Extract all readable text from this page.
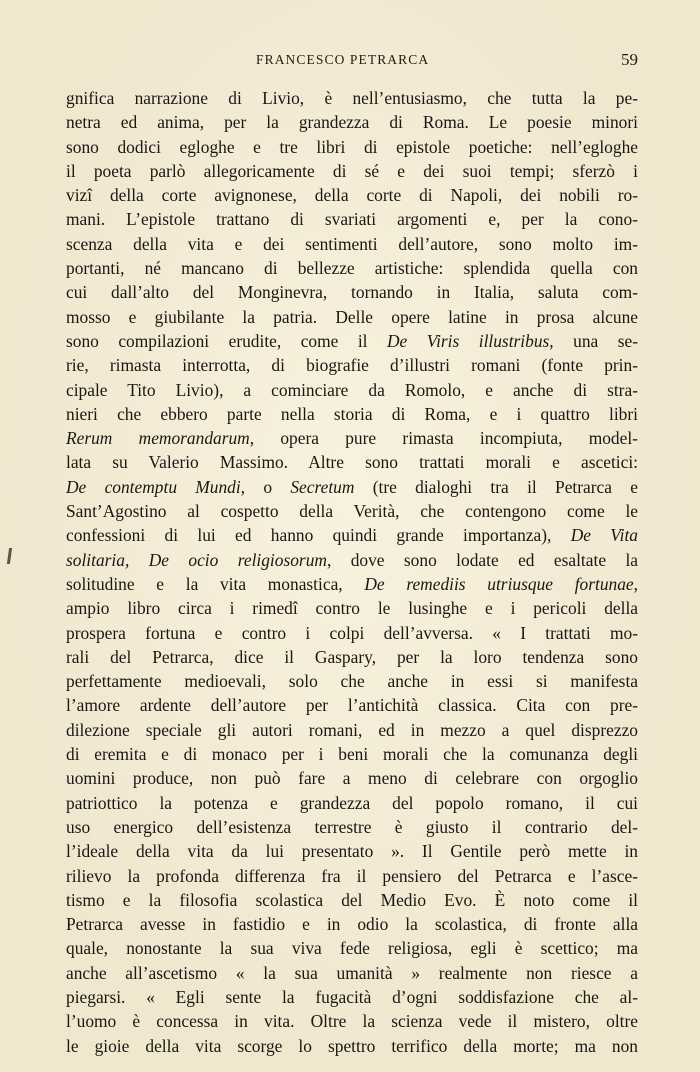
FRANCESCO PETRARCA	59
gnifica narrazione di Livio, è nell’entusiasmo, che tutta la pe-
netra ed anima, per la grandezza di Roma. Le poesie minori
sono dodici egloghe e tre libri di epistole poetiche: nell’egloghe
il poeta parlò allegoricamente di sé e dei suoi tempi; sferzò i
vizî della corte avignonese, della corte di Napoli, dei nobili ro-
mani. L’epistole trattano di svariati argomenti e, per la cono-
scenza della vita e dei sentimenti dell’autore, sono molto im-
portanti, né mancano di bellezze artistiche: splendida quella con
cui dall’alto del Monginevra, tornando in Italia, saluta com-
mosso e giubilante la patria. Delle opere latine in prosa alcune
sono compilazioni erudite, come il De Viris illustribus, una se-
rie, rimasta interrotta, di biografie d’illustri romani (fonte prin-
cipale Tito Livio), a cominciare da Romolo, e anche di stra-
nieri che ebbero parte nella storia di Roma, e i quattro libri
Rerum memorandarum, opera pure rimasta incompiuta, model-
lata su Valerio Massimo. Altre sono trattati morali e ascetici:
De contemptu Mundi, o Secretum (tre dialoghi tra il Petrarca e
Sant’Agostino al cospetto della Verità, che contengono come le
confessioni di lui ed hanno quindi grande importanza), De Vita
solitaria, De ocio religiosorum, dove sono lodate ed esaltate la
solitudine e la vita monastica, De remediis utriusque fortunae,
ampio libro circa i rimedî contro le lusinghe e i pericoli della
prospera fortuna e contro i colpi dell’avversa. « I trattati mo-
rali del Petrarca, dice il Gaspary, per la loro tendenza sono
perfettamente medioevali, solo che anche in essi si manifesta
l’amore ardente dell’autore per l’antichità classica. Cita con pre-
dilezione speciale gli autori romani, ed in mezzo a quel disprezzo
di eremita e di monaco per i beni morali che la comunanza degli
uomini produce, non può fare a meno di celebrare con orgoglio
patriottico la potenza e grandezza del popolo romano, il cui
uso energico dell’esistenza terrestre è giusto il contrario del-
l’ideale della vita da lui presentato ». Il Gentile però mette in
rilievo la profonda differenza fra il pensiero del Petrarca e l’asce-
tismo e la filosofia scolastica del Medio Evo. È noto come il
Petrarca avesse in fastidio e in odio la scolastica, di fronte alla
quale, nonostante la sua viva fede religiosa, egli è scettico; ma
anche all’ascetismo « la sua umanità » realmente non riesce a
piegarsi. « Egli sente la fugacità d’ogni soddisfazione che al-
l’uomo è concessa in vita. Oltre la scienza vede il mistero, oltre
le gioie della vita scorge lo spettro terrifico della morte; ma non
